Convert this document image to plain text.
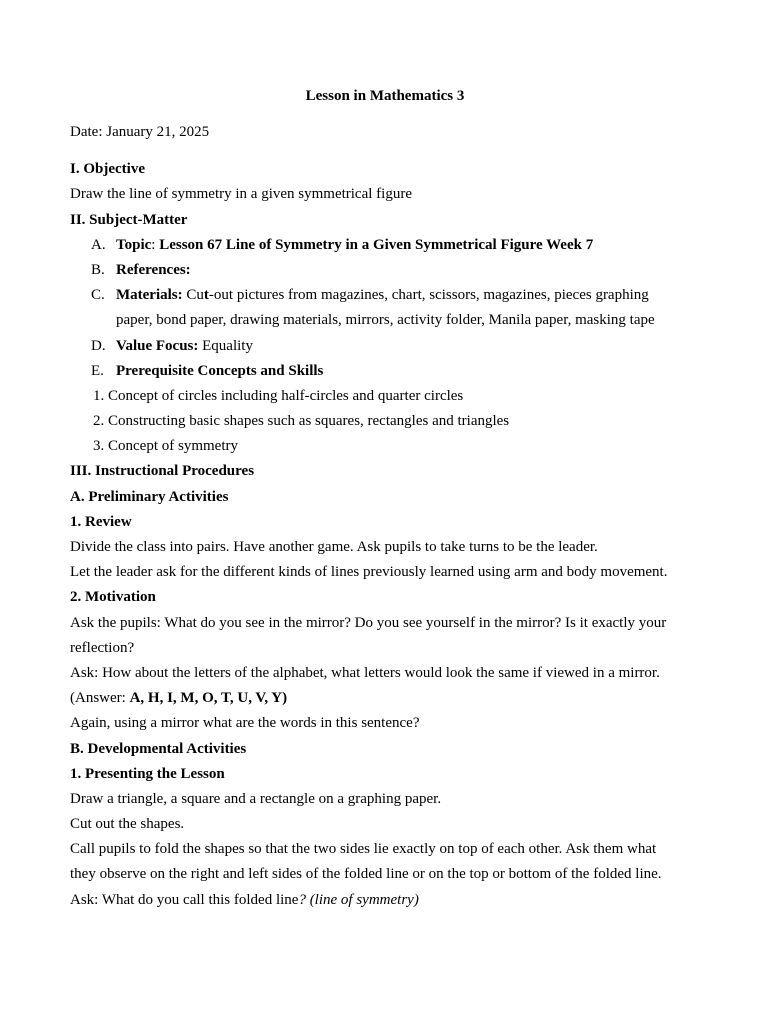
Lesson in Mathematics 3
Date: January 21, 2025
I. Objective
Draw the line of symmetry in a given symmetrical figure
II. Subject-Matter
A. Topic: Lesson 67 Line of Symmetry in a Given Symmetrical Figure Week 7
B. References:
C. Materials: Cut-out pictures from magazines, chart, scissors, magazines, pieces graphing
paper, bond paper, drawing materials, mirrors, activity folder, Manila paper, masking tape
D. Value Focus: Equality
E. Prerequisite Concepts and Skills
1. Concept of circles including half-circles and quarter circles
2. Constructing basic shapes such as squares, rectangles and triangles
3. Concept of symmetry
III. Instructional Procedures
A. Preliminary Activities
1. Review
Divide the class into pairs. Have another game. Ask pupils to take turns to be the leader.
Let the leader ask for the different kinds of lines previously learned using arm and body movement.
2. Motivation
Ask the pupils: What do you see in the mirror? Do you see yourself in the mirror? Is it exactly your
reflection?
Ask: How about the letters of the alphabet, what letters would look the same if viewed in a mirror.
(Answer: A, H, I, M, O, T, U, V, Y)
Again, using a mirror what are the words in this sentence?
B. Developmental Activities
1. Presenting the Lesson
Draw a triangle, a square and a rectangle on a graphing paper.
Cut out the shapes.
Call pupils to fold the shapes so that the two sides lie exactly on top of each other. Ask them what
they observe on the right and left sides of the folded line or on the top or bottom of the folded line.
Ask: What do you call this folded line? (line of symmetry)
